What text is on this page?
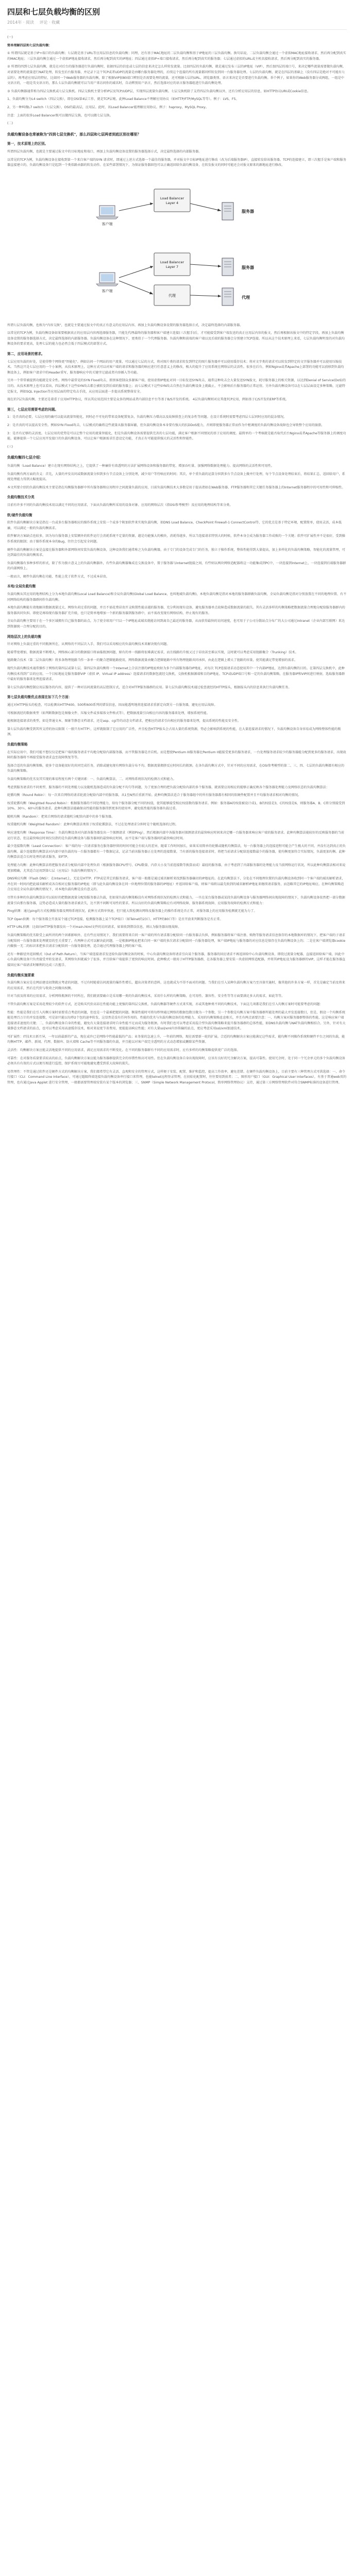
四层和七层负载均衡的区别
2014年 · 阅读 评论 · 收藏

(一)

简单理解四层和七层负载均衡：

① 所谓四层就是基于IP+端口的负载均衡；七层就是基于URL等应用层信息的负载均衡；同理，还有基于MAC地址的二层负载均衡和基于IP地址的三层负载均衡。换句话说，二层负载均衡会通过一个虚拟MAC地址接收请求，然后再分配到真实的MAC地址；三层负载均衡会通过一个虚拟IP地址接收请求，然后再分配到真实的IP地址；四层通过虚拟IP+端口接收请求，然后再分配到真实的服务器；七层通过虚拟的URL或主机名接收请求，然后再分配到真实的服务器。

② 所谓的四到七层负载均衡，就是在对后台的服务器进行负载均衡时，依据四层的信息或七层的信息来决定怎么样转发流量。比如四层的负载均衡，就是通过发布三层的IP地址（VIP），然后加四层的端口号，来决定哪些流量需要做负载均衡，对需要处理的流量进行NAT处理，转发至后台服务器，并记录下这个TCP或者UDP的流量是由哪台服务器处理的，后续这个连接的所有流量都同样转发到同一台服务器处理。七层的负载均衡，就是在四层的基础上（没有四层是绝对不可能有七层的），再考虑应用层的特征，比如同一个Web服务器的负载均衡，除了根据VIP加80端口辨别是否需要处理的流量，还可根据七层的URL、浏览器类别、语言来决定是否要进行负载均衡。举个例子，如果你的Web服务器分成两组，一组是中文语言的，一组是英文语言的，那么七层负载均衡就可以当用户来访问你的域名时，自动辨别用户语言，然后选择对应的语言服务器组进行负载均衡处理。

③ 负载均衡器通常称为四层交换机或七层交换机。四层交换机主要分析IP层及TCP/UDP层，实现四层流量负载均衡。七层交换机除了支持四层负载均衡以外，还有分析应用层的信息，如HTTP协议URI或Cookie信息。

1、负载均衡分为L4 switch（四层交换），即在OSI第4层工作，就是TCP层啦。此种Load Balance不理解应用协议（如HTTP/FTP/MySQL等等）。例子：LVS，F5。

2、另一种叫做L7 switch（七层交换），OSI的最高层，应用层。此时，该Load Balancer能理解应用协议。例子：haproxy，MySQL Proxy。

注意：上面的很多Load Balancer既可以做四层交换，也可以做七层交换。

(二)

负载均衡设备也常被称为"四到七层交换机"，那么四层和七层两者到底区别在哪里？

第一，技术原理上的区别。

所谓四层负载均衡，也就是主要通过报文中的目标地址和端口，再加上负载均衡设备设置的服务器选择方式，决定最终选择的内部服务器。

以常见的TCP为例，负载均衡设备在接收到第一个来自客户端的SYN 请求时，即通过上述方式选择一个最佳的服务器，并对报文中目标IP地址进行修改（改为后端服务器IP），直接转发给该服务器。TCP的连接建立，即三次握手是客户端和服务器直接建立的，负载均衡设备只是起到一个类似路由器的转发动作。在某些部署情况下，为保证服务器回包可以正确返回给负载均衡设备，在转发报文的同时可能还会对报文原来的源地址进行修改。

客户端
Load Balancer Layer 4
服务器
客户端
Load Balancer Layer 7
代理
服务器
代理

所谓七层负载均衡，也称为"内容交换"，也就是主要通过报文中的真正有意义的应用层内容，再加上负载均衡设备设置的服务器选择方式，决定最终选择的内部服务器。

以常见的TCP为例，负载均衡设备如果要根据真正的应用层内容再选择服务器，只能先代理最终的服务器和客户端建立连接(三次握手)后，才可能接受到客户端发送的真正应用层内容的报文，然后再根据该报文中的特定字段，再加上负载均衡设备设置的服务器选择方式，决定最终选择的内部服务器。负载均衡设备在这种情况下，更类似于一个代理服务器。负载均衡和前端的客户端以及后端的服务器会分别建立TCP连接。所以从这个技术原理上来看，七层负载均衡明显的对负载均衡设备的要求更高，处理七层的能力也必然会低于四层模式的部署方式。

第二，应用场景的需求。

七层应用负载的好处，是使得整个网络更"智能化"。例如访问一个网站的用户流量，可以通过七层的方式，将对图片类的请求转发到特定的图片服务器并可以使用缓存技术；将对文字类的请求可以转发到特定的文字服务器并可以使用压缩技术。当然这只是七层应用的一个小案例，从技术原理上，这种方式可以对客户端的请求和服务器的响应进行任意意义上的修改，极大的提升了应用系统在网络层的灵活性。很多在后台，例如Nginx或者Apache上部署的功能可以前移到负载均衡设备上，例如客户请求中的Header重写，服务器响应中的关键字过滤或者内容插入等功能。

另外一个常常被提到功能就是安全性。网络中最常见的SYN Flood攻击，即黑客控制众多源客户端，使用虚假IP地址对同一目标发送SYN攻击，通常这种攻击会大量发送SYN报文，耗尽服务器上的相关资源，以达到Denial of Service(DoS)的目的。从技术原理上也可以看出，四层模式下这些SYN攻击都会被转发到后端的服务器上；而七层模式下这些SYN攻击自然在负载均衡设备上就截止，不会影响后台服务器的正常运营。另外负载均衡设备可以在七层层面设定多种策略，过滤特定报文，例如SQL Injection等应用层面的特定攻击手段，从应用层面进一步提高系统整体安全。

现在的7层负载均衡，主要还是着重于应用HTTP协议，所以其应用范围主要是众多的网站或者内部信息平台等基于B/S开发的系统。 4层负载均衡则对应其他TCP应用，例如基于C/S开发的ERP等系统。

第三，七层应用需要考虑的问题。

1：是否真的必要，七层应用的确可以提高流量智能化，同时必不可免的带来设备配置复杂，负载均衡压力增高以及故障排查上的复杂性等问题。在设计系统时需要考虑四层七层同时应用的混杂情况。

2：是否真的可以提高安全性。例如SYN Flood攻击，七层模式的确将这些流量从服务器屏蔽，但负载均衡设备本身要有强大的抗DDoS能力，否则即使服务器正常而作为中枢调度的负载均衡设备故障也会导致整个应用的崩溃。

3：是否有足够的灵活度。七层应用的优势是可以让整个应用的流量智能化，但是负载均衡设备需要提供完善的七层功能，满足客户根据不同情况的基于应用的调度。最简单的一个考核就是能否取代后台Nginx或者Apache等服务器上的调度功能。能够提供一个七层应用开发接口的负载均衡设备，可以让客户根据需求任意设定功能，才真正有可能提供强大的灵活性和智能性。

(三)

负载均衡四七层介绍：

负载均衡（Load Balance）建立在现有网络结构之上，它提供了一种廉价有效透明的方法扩展网络设备和服务器的带宽、增加吞吐量、加强网络数据处理能力、提高网络的灵活性和可用性。

负载均衡有两方面的含义：首先，大量的并发访问或数据流量分担到多台节点设备上分别处理，减少用户等待响应的时间；其次，单个重负载的运算分担到多台节点设备上做并行处理，每个节点设备处理结束后，将结果汇总，返回给用户，系统处理能力得到大幅度提高。

本文所要介绍的负载均衡技术主要是指在均衡服务器群中所有服务器和应用程序之间流量负载的应用，目前负载均衡技术大多数是用于提高诸如在Web服务器、FTP服务器和其它关键任务服务器上的Internet服务器程序的可用性和可伸缩性。

负载均衡技术分类

目前有许多不同的负载均衡技术用以满足不同的应用需求，下面从负载均衡所采用的设备对象、应用的网络层次（指OSI参考模型）及应用的地理结构等来分类。

软/硬件负载均衡

软件负载均衡解决方案是指在一台或多台服务器相应的操作系统上安装一个或多个附加软件来实现负载均衡，如DNS Load Balance，CheckPoint Firewall-1 ConnectControl等，它的优点是基于特定环境，配置简单，使用灵活，成本低廉，可以满足一般的负载均衡需求。

软件解决方案缺点也较多，因为每台服务器上安装额外的软件运行会消耗系统不定量的资源，越是功能强大的模块，消耗得越多，所以当连接请求特别大的时候，软件本身会成为服务器工作成败的一个关键；软件可扩展性并不是很好，受到操作系统的限制；由于操作系统本身的Bug，往往会引起安全问题。

硬件负载均衡解决方案是直接在服务器和外部网络间安装负载均衡设备，这种设备我们通常称之为负载均衡器，由于专门的设备完成专门的任务，独立于操作系统，整体性能得到大量提高，加上多样化的负载均衡策略，智能化的流量管理，可达到最佳的负载均衡需求。

负载均衡器有多种多样的形式，除了作为独立意义上的负载均衡器外，有些负载均衡器集成在交换设备中，置于服务器与Internet链接之间，有些则以两块网络适配器将这一功能集成到PC中，一块连接到Internet上，一块连接到后端服务器群的内部网络上。

一般而言，硬件负载均衡在功能、性能上优于软件方式，不过成本昂贵。

本地/全局负载均衡

负载均衡从其应用的地理结构上分为本地负载均衡(Local Load Balance)和全局负载均衡(Global Load Balance，也叫地域负载均衡)，本地负载均衡是指对本地的服务器群做负载均衡，全局负载均衡是指对分别放置在不同的地理位置、有不同网络结构的服务器群间作负载均衡。

本地负载均衡能有效地解决数据流量过大、网络负荷过重的问题，并且不需花费昂贵开支购置性能卓越的服务器，充分利用现有设备，避免服务器单点故障造成数据流量的损失。其有灵活多样的均衡策略把数据流量合理地分配给服务器群内的服务器共同负担。即使是再给现有服务器扩充升级，也只是简单地增加一个新的服务器到服务群中，而不需改变现有网络结构、停止现有的服务。

全局负载均衡主要用于在一个多区域拥有自己服务器的站点，为了使全球用户只以一个IP地址或域名就能访问到离自己最近的服务器，从而获得最快的访问速度，也可用于子公司分散站点分布广的大公司通过Intranet（企业内部互联网）来达到资源统一合理分配的目的。

网络层次上的负载均衡

针对网络上负载过重的不同瓶颈所在，从网络的不同层次入手，我们可以采用相应的负载均衡技术来解决现有问题。

随着带宽增加，数据流量不断增大，网络核心部分的数据接口将面临瓶颈问题，原有的单一线路将很难满足需求，而且线路的升级又过于昂贵甚至难以实现，这时就可以考虑采用链路聚合（Trunking）技术。

链路聚合技术（第二层负载均衡）将多条物理链路当作一条单一的聚合逻辑链路使用，网络数据流量由聚合逻辑链路中所有物理链路共同承担，由此在逻辑上增大了链路的容量，使其能满足带宽增加的需求。

现代负载均衡技术通常操作于网络的第四层或第七层。第四层负载均衡将一个Internet上合法注册的IP地址映射为多个内部服务器的IP地址，对每次 TCP连接请求动态使用其中一个内部IP地址，达到负载均衡的目的。在第四层交换机中，此种均衡技术得到广泛的应用，一个目标地址是服务器群VIP（虚拟 IP，Virtual IP address）连接请求的数据包流经交换机，交换机根据源端和目的IP地址、TCP或UDP端口号和一定的负载均衡策略，在服务器IP和VIP间进行映射，选取服务器群中最好的服务器来处理连接请求。

第七层负载均衡控制应用层服务的内容，提供了一种对访问流量的高层控制方式，适合对HTTP服务器群的应用。第七层负载均衡技术通过检查流经的HTTP报头，根据报头内的信息来执行负载均衡任务。

第七层负载均衡优点表现在如下几个方面：

通过对HTTP报头的检查，可以检测出HTTP400、500和600系列的错误信息，因而能透明地将连接请求重新定向到另一台服务器，避免应用层故障。

可根据流经的数据类型（如判断数据包是图像文件、压缩文件或多媒体文件格式等），把数据流量引向相应内容的服务器来处理，增加系统性能。

能根据连接请求的类型，如是普通文本、图象等静态文档请求，还是asp、cgi等的动态文档请求，把相应的请求引向相应的服务器来处理，提高系统的性能及安全性。

第七层负载均衡受到其所支持的协议限制（一般只有HTTP），这样就限制了它应用的广泛性，并且检查HTTP报头会占用大量的系统资源，势必会影响到系统的性能，在大量连接请求的情况下，负载均衡设备自身容易成为网络整体性能的瓶颈。

负载均衡策略

在实际应用中，我们可能不想仅仅是把客户端的服务请求平均地分配给内部服务器，而不管服务器是否宕机。而是想使Pentium III服务器比Pentium II能接受更多的服务请求，一台处理服务请求较少的服务器能分配到更多的服务请求，出现故障的服务器将不再接受服务请求直至故障恢复等等。

选择合适的负载均衡策略，使多个设备能很好的共同完成任务，消除或避免现有网络负载分布不均、数据流量拥挤反应时间长的瓶颈。在各负载均衡方式中，针对不同的应用需求，在OSI参考模型的第二、三、四、七层的负载均衡都有相应的负载均衡策略。

负载均衡策略的优劣及其实现的难易程度有两个关键因素：一、负载均衡算法，二、对网络系统状况的检测方式和能力。

考虑到服务请求的不同类型、服务器的不同处理能力以及随机选择造成的负载分配不均匀等问题，为了更加合理的把负载分配给内部的多个服务器，就需要应用相应的能够正确反映各个服务器处理能力及网络状态的负载均衡算法：

轮循均衡（Round Robin）：每一次来自网络的请求轮流分配给内部中的服务器，从1至N然后重新开始。此种均衡算法适合于服务器组中的所有服务器都有相同的软硬件配置并且平均服务请求相对均衡的情况。

权重轮循均衡（Weighted Round Robin）：根据服务器的不同处理能力，给每个服务器分配不同的权值，使其能够接受相应权值数的服务请求。例如：服务器A的权值被设计成1，B的权值是3，C的权值是6，则服务器A、B、C将分别接受到10%、30％、60％的服务请求。此种均衡算法能确保高性能的服务器得到更多的使用率，避免低性能的服务器负载过重。

随机均衡（Random）：把来自网络的请求随机分配给内部中的多个服务器。

权重随机均衡（Weighted Random）：此种均衡算法类似于权重轮循算法，不过在处理请求分担时是个随机选择的过程。

响应速度均衡（Response Time）：负载均衡设备对内部各服务器发出一个探测请求（例如Ping），然后根据内部中各服务器对探测请求的最快响应时间来决定哪一台服务器来响应客户端的服务请求。此种均衡算法能较好的反映服务器的当前运行状态，但这最快响应时间仅仅指的是负载均衡设备与服务器间的最快响应时间，而不是客户端与服务器间的最快响应时间。

最少连接数均衡（Least Connection）：客户端的每一次请求服务在服务器停留的时间可能会有较大的差异，随着工作时间加长，如果采用简单的轮循或随机均衡算法，每一台服务器上的连接进程可能会产生极大的不同，并没有达到真正的负载均衡。最少连接数均衡算法对内部中需负载的每一台服务器都有一个数据记录，记录当前该服务器正在处理的连接数量，当有新的服务连接请求时，将把当前请求分配给连接数最少的服务器，使均衡更加符合实际情况，负载更加均衡。此种均衡算法适合长时处理的请求服务，如FTP。

处理能力均衡：此种均衡算法将把服务请求分配给内部中处理负荷（根据服务器CPU型号、CPU数量、内存大小及当前连接数等换算而成）最轻的服务器，由于考虑到了内部服务器的处理能力及当前网络运行状况，所以此种均衡算法相对来说更加精确，尤其适合运用到第七层（应用层）负载均衡的情况下。

DNS响应均衡（Flash DNS）：在Internet上，无论是HTTP、FTP或是其它的服务请求，客户端一般都是通过域名解析来找到服务器确切的IP地址的。在此均衡算法下，分处在不同地理位置的负载均衡设备收到同一个客户端的域名解析请求，并在同一时间内把此域名解析成各自相对应服务器的IP地址（即与此负载均衡设备在同一位地理位置的服务器的IP地址）并返回给客户端，则客户端将以最先收到的域名解析IP地址来继续请求服务，而忽略其它的IP地址响应。在种均衡策略适合应用在全局负载均衡的情况下，对本地负载均衡是没有意义的。

尽管有多种的负载均衡算法可以较好的把数据流量分配给服务器去负载，但如果负载均衡策略没有对网络系统状况的检测方式和能力，一旦在某台服务器或某段负载均衡设备与服务器网络间出现故障的情况下，负载均衡设备依然把一部分数据流量引向那台服务器，这势必造成大量的服务请求被丢失，达不到不间断可用性的要求。所以良好的负载均衡策略应有对网络故障、服务器系统故障、应用服务故障的检测方式和能力：

Ping侦测：通过ping的方式检测服务器及网络系统状况，此种方式简单快速，但只能大致检测出网络及服务器上的操作系统是否正常，对服务器上的应用服务检测就无能为力了。

TCP Open侦测：每个服务都会开放某个通过TCP连接，检测服务器上某个TCP端口（如Telnet的23口，HTTP的80口等）是否开放来判断服务是否正常。

HTTP URL侦测：比如向HTTP服务器发出一个对main.html文件的访问请求，如果收到错误信息，则认为服务器出现故障。

负载均衡策略的优劣除受上面所讲的两个因素影响外，在有些应用情况下，我们需要将来自同一客户端的所有请求都分配给同一台服务器去负担，例如服务器将客户端注册、购物等服务请求信息保存的本地数据库的情况下，把客户端的子请求分配给同一台服务器来处理就显的至关重要了。有两种方式可以解决此问题，一是根据IP地址把来自同一客户端的多次请求分配给同一台服务器处理，客户端IP地址与服务器的对应信息是保存在负载均衡设备上的；二是在客户端浏览器cookie内做独一无二的标识来把多次请求分配给同一台服务器处理，适合通过代理服务器上网的客户端。

还有一种路径外返回模式（Out of Path Return），当客户端连接请求发送给负载均衡设备的时候，中心负载均衡设备将请求引向某个服务器，服务器的回应请求不再返回给中心负载均衡设备，即绕过流量分配器，直接返回给客户端，因此中心负载均衡设备只负责接受并转发请求，其网络负担就减少了很多，并且给客户端提供了更快的响应时间。此种模式一般用于HTTP服务器群，在各服务器上要安装一块虚拟网络适配器，并将其IP地址设为服务器群的VIP，这样才能在服务器直接回应客户端请求时顺利的达成三次握手。

负载均衡实施要素

负载均衡方案应是在网站建设初期就应考虑的问题，不过有时随着访问流量的爆炸性增长，超出决策者的意料，这也就成为不得不面对的问题。当我们在引入某种负载均衡方案乃至具体实施时，像其他的许多方案一样，首先是确定当前及将来的应用需求，然后在代价与收效之间做出权衡。

针对当前及将来的应用需求，分析网络瓶颈的不同所在，我们就需要确立是采用哪一类的负载均衡技术，采用什么样的均衡策略，在可用性、兼容性、安全性等等方面要满足多大的需求，如此等等。

不管负载均衡方案是采用花费较少的软件方式，还是购买代价高昂在性能功能上更强的第四层交换机、负载均衡器等硬件方式来实现，亦或其他种类不同的均衡技术，下面这几项都是我们在引入均衡方案时可能要考虑的问题：

性能：性能是我们在引入均衡方案时需要重点考虑的问题，但也是一个最难把握的问题。衡量性能时可将每秒钟通过网络的数据包数目做为一个参数，另一个参数是均衡方案中服务器群所能处理的最大并发连接数目，但是，假设一个均衡系统能处理百万计的并发连接数，可是却只能以每秒2个包的速率转发，这显然是没有任何作用的。性能的优劣与负载均衡设备的处理能力、采用的均衡策略息息相关，并且有两点需要注意：一、均衡方案对服务器群整体的性能，这是响应客户端连接请求速度的关键；二、负载均衡设备自身的性能，避免有大量连接请求时自身性能不足而成为服务瓶颈。有时我们也可以考虑采用混合型负载均衡策略来提升服务器群的总体性能，如DNS负载均衡与NAT负载均衡相结合。另外，针对有大量静态文档请求的站点，也可以考虑采用高速缓存技术，相对来说更节省费用，更能提高响应性能；对有大量ssl/xml内容传输的站点，更应考虑采用ssl/xml加速技术。

可扩展性：IT技术日新月异，一年以前最新的产品，现在或许已是网络中性能最低的产品；业务量的急速上升，一年前的网络，现在需要新一轮的扩展。合适的均衡解决方案应能满足这些需求，能均衡不同操作系统和硬件平台之间的负载，能均衡HTTP、邮件、新闻、代理、数据库、防火墙和 Cache等不同服务器的负载，并且能以对客户端完全透明的方式动态增加或删除某些资源。

灵活性：均衡解决方案应能灵活地提供不同的应用需求，满足应用需求的不断变化。在不同的服务器群有不同的应用需求时，应有多样的均衡策略提供更广泛的选择。

可靠性：在对服务质量要求较高的站点，负载均衡解决方案应能为服务器群提供完全的容错性和高可用性。但在负载均衡设备自身出现故障时，应该有良好的冗余解决方案，提高可靠性。使用冗余时，处于同一个冗余单元的多个负载均衡设备必须具有有效的方式以便互相进行监控，保护系统尽可能地避免遭受到重大故障的损失。

易管理性：不管是通过软件还是硬件方式的均衡解决方案，我们都希望它有灵活、直观和安全的管理方式，这样便于安装、配置、维护和监控，提高工作效率，避免差错。在硬件负载均衡设备上，目前主要有三种管理方式可供选择：一、命令行接口（CLI：Command Line Interface），可通过超级终端连接负载均衡设备串行接口来管理，也能telnet远程登录管理，在初始化配置时，往往要用到前者；二、图形用户接口（GUI：Graphical User Interfaces），有基于普通web页的管理，也有通过Java Applet 进行安全管理，一般都需要管理端安装有某个版本的浏览器；三、SNMP（Simple Network Management Protocol，简单网络管理协议）支持，通过第三方网络管理软件对符合SNMP标准的设备进行管理。
